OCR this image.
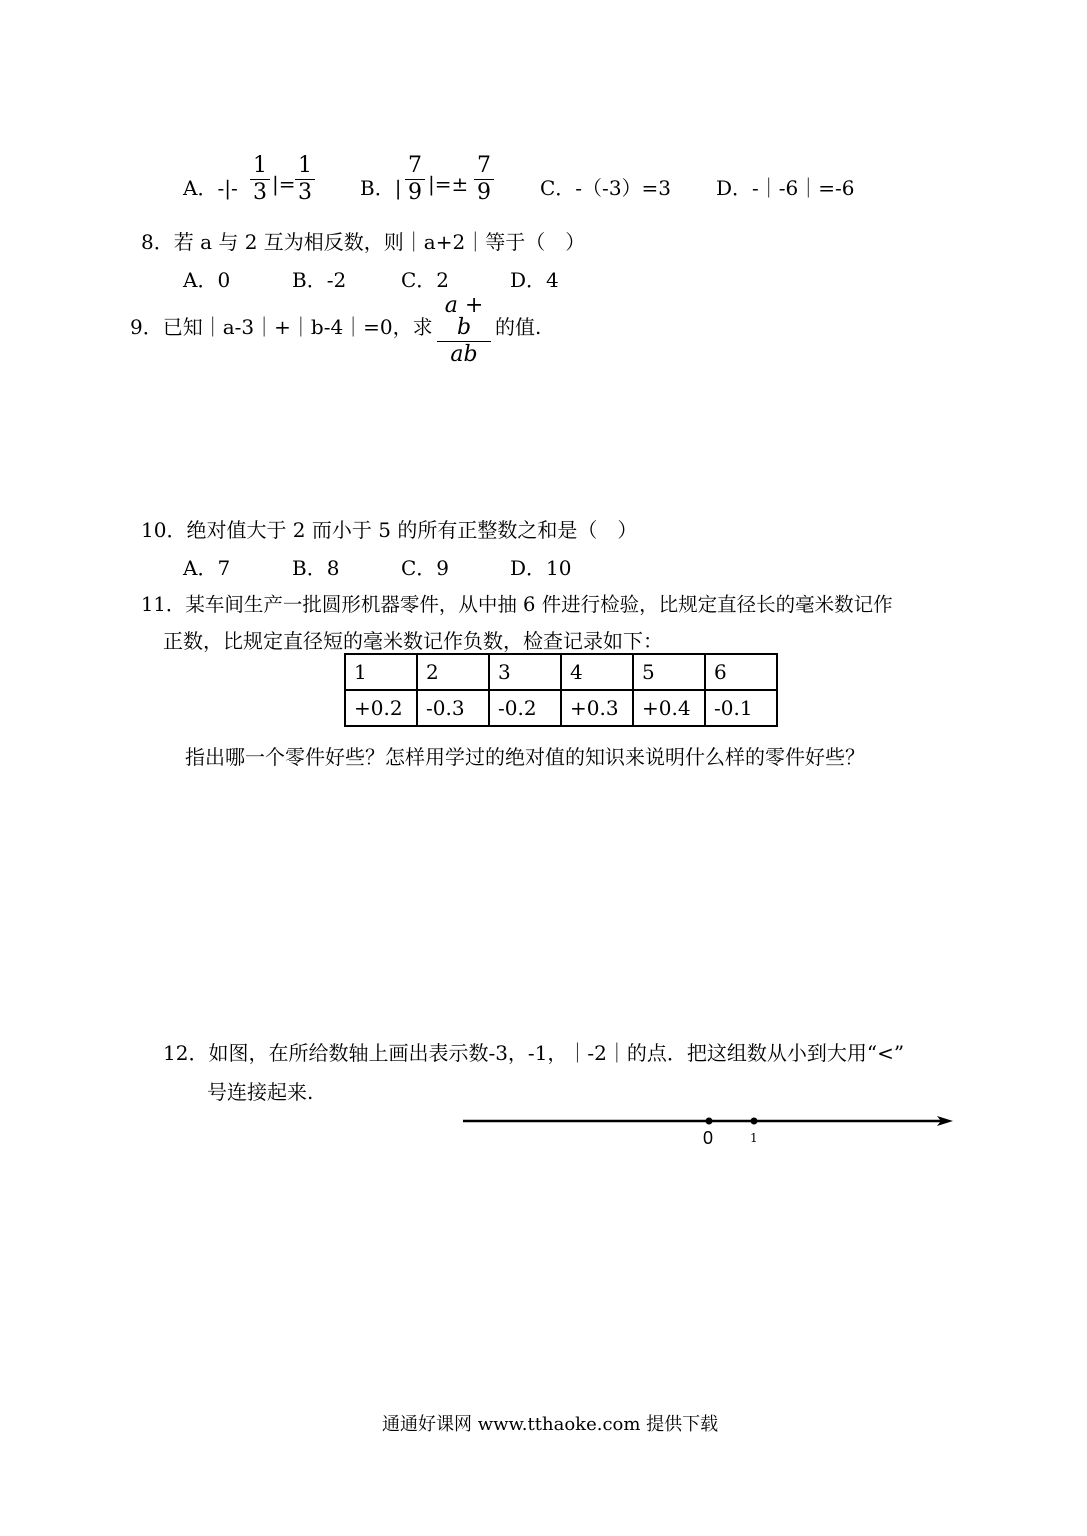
A．-|-
1
3 |=
1
3 B．|
7
9 |=±
7
9 C．-（-3）=3 D．-｜-6｜=-6
8．若 a 与 2 互为相反数，则｜a+2｜等于（　）
A．0	B．-2	C．2	D．4
9．已知｜a-3｜+｜b-4｜=0，求
a + b
ab
的值.
10．绝对值大于 2 而小于 5 的所有正整数之和是（　）
A．7	B．8	C．9	D．10
11．某车间生产一批圆形机器零件，从中抽 6 件进行检验，比规定直径长的毫米数记作
正数，比规定直径短的毫米数记作负数，检查记录如下：
1	2	3	4	5	6
+0.2	-0.3	-0.2	+0.3	+0.4	-0.1
指出哪一个零件好些？怎样用学过的绝对值的知识来说明什么样的零件好些？
12．如图，在所给数轴上画出表示数-3，-1，｜-2｜的点．把这组数从小到大用“<”
号连接起来.
0	1
通通好课网 www.tthaoke.com 提供下载
